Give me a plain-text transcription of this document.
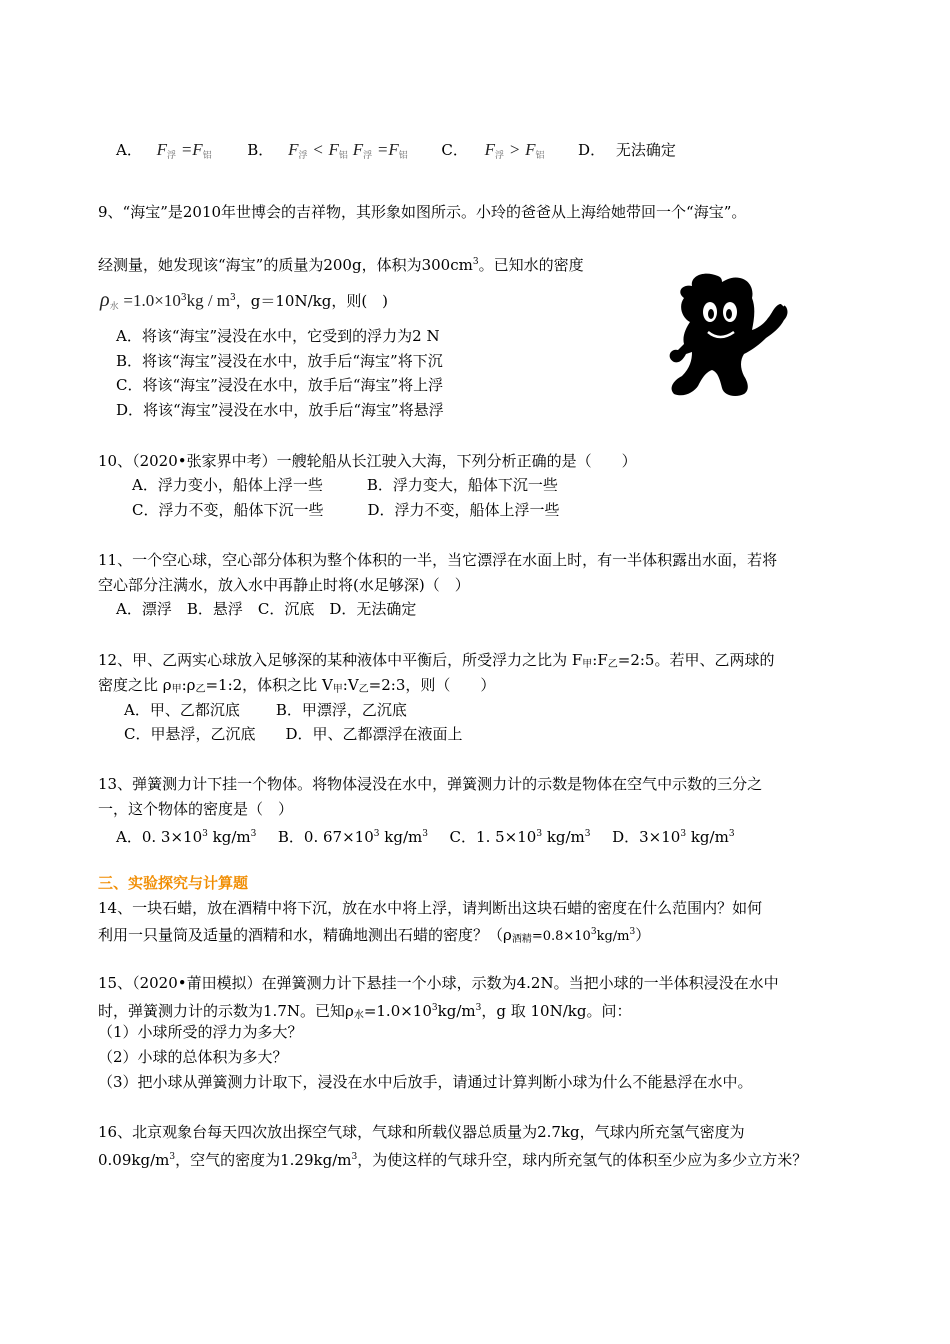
A． $F_浮 =F_铝$ B． $F_浮 < F_铝$ $F_浮 =F_铝$ C． $F_浮 > F_铝$ D． 无法确定
9、“海宝”是2010年世博会的吉祥物，其形象如图所示。小玲的爸爸从上海给她带回一个“海宝”。
经测量，她发现该“海宝”的质量为200g，体积为$300cm^3$。已知水的密度
$\rho_水 =1.0\times 10^3kg / m^3$，g＝10N/kg，则(　)
A．将该“海宝”浸没在水中，它受到的浮力为2 N
B．将该“海宝”浸没在水中，放手后“海宝”将下沉
C．将该“海宝”浸没在水中，放手后“海宝”将上浮
D．将该“海宝”浸没在水中，放手后“海宝”将悬浮
10、（2020•张家界中考）一艘轮船从长江驶入大海，下列分析正确的是（　　）
A．浮力变小，船体上浮一些	B．浮力变大，船体下沉一些
C．浮力不变，船体下沉一些	D．浮力不变，船体上浮一些
11、一个空心球，空心部分体积为整个体积的一半，当它漂浮在水面上时，有一半体积露出水面，若将
空心部分注满水，放入水中再静止时将(水足够深)（　）
A．漂浮　B．悬浮　C．沉底　D．无法确定
12、甲、乙两实心球放入足够深的某种液体中平衡后，所受浮力之比为 F甲:F乙=2:5。若甲、乙两球的
密度之比 ρ甲:ρ乙=1:2，体积之比 V甲:V乙=2:3，则（　　）
A．甲、乙都沉底 B．甲漂浮，乙沉底
C．甲悬浮，乙沉底 D．甲、乙都漂浮在液面上
13、弹簧测力计下挂一个物体。将物体浸没在水中，弹簧测力计的示数是物体在空气中示数的三分之
一，这个物体的密度是（　）
A．0. $3\times 10^3$ $kg/m^3$ B．0. $67\times 10^3$ $kg/m^3$ C．1. $5\times 10^3$ $kg/m^3$ D．$3\times 10^3$ $kg/m^3$
三、实验探究与计算题
14、一块石蜡，放在酒精中将下沉，放在水中将上浮，请判断出这块石蜡的密度在什么范围内？如何
利用一只量筒及适量的酒精和水，精确地测出石蜡的密度？（ρ酒精$=0.8\times 10^3kg/m^3$）
15、（2020•莆田模拟）在弹簧测力计下悬挂一个小球，示数为4.2N。当把小球的一半体积浸没在水中
时，弹簧测力计的示数为1.7N。已知ρ水$=1.0\times 10^3kg/m^3$，g 取 10N/kg。问：
（1）小球所受的浮力为多大？
（2）小球的总体积为多大？
（3）把小球从弹簧测力计取下，浸没在水中后放手，请通过计算判断小球为什么不能悬浮在水中。
16、北京观象台每天四次放出探空气球，气球和所载仪器总质量为2.7kg，气球内所充氢气密度为
$0.09kg/m^3$，空气的密度为$1.29kg/m^3$，为使这样的气球升空，球内所充氢气的体积至少应为多少立方米？
